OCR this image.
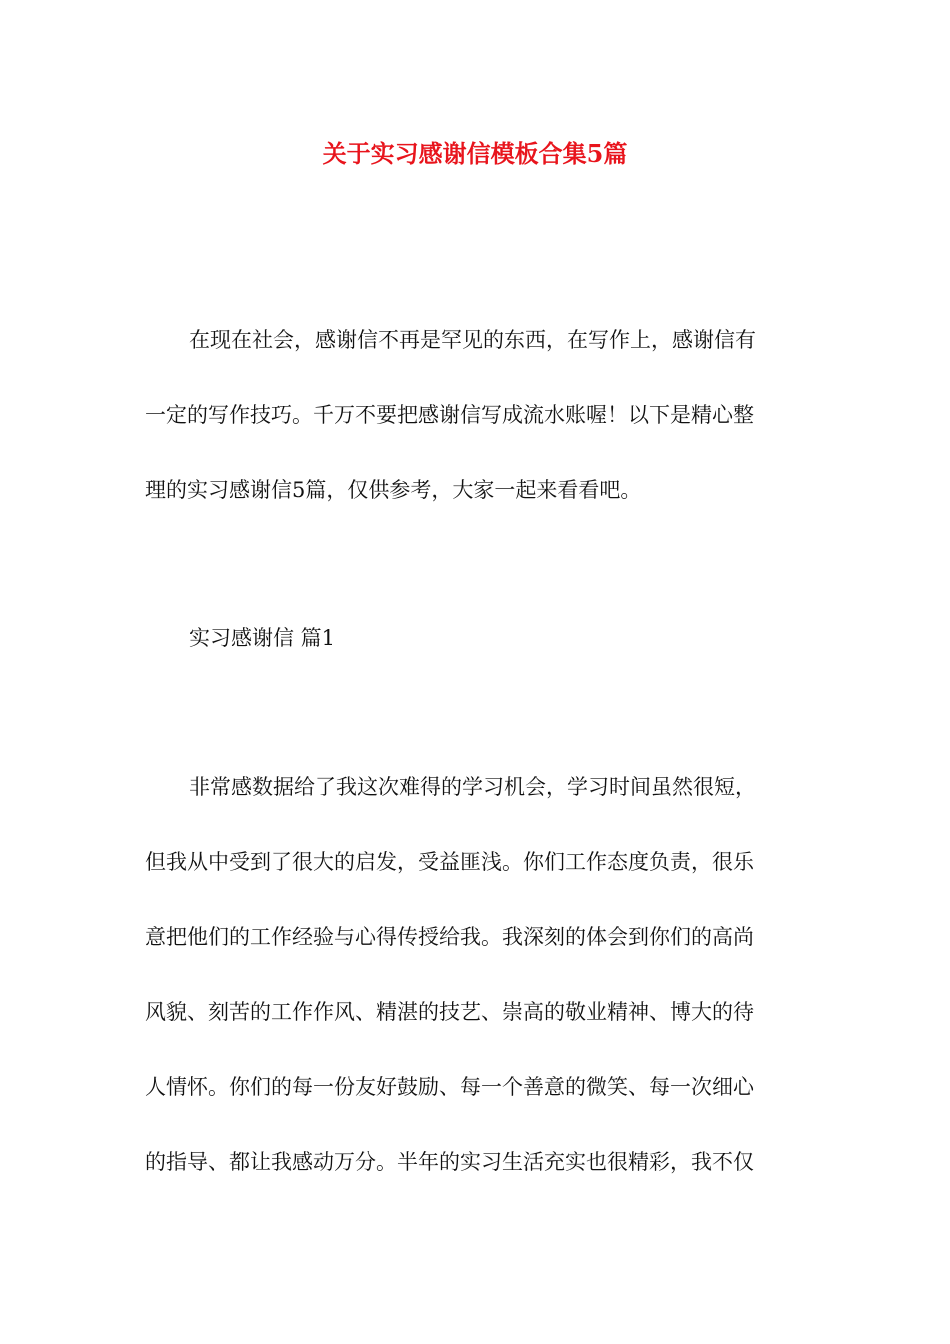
关于实习感谢信模板合集5篇
在现在社会，感谢信不再是罕见的东西，在写作上，感谢信有
一定的写作技巧。千万不要把感谢信写成流水账喔！以下是精心整
理的实习感谢信5篇，仅供参考，大家一起来看看吧。
实习感谢信 篇1
非常感数据给了我这次难得的学习机会，学习时间虽然很短，
但我从中受到了很大的启发，受益匪浅。你们工作态度负责，很乐
意把他们的工作经验与心得传授给我。我深刻的体会到你们的高尚
风貌、刻苦的工作作风、精湛的技艺、崇高的敬业精神、博大的待
人情怀。你们的每一份友好鼓励、每一个善意的微笑、每一次细心
的指导、都让我感动万分。半年的实习生活充实也很精彩，我不仅
